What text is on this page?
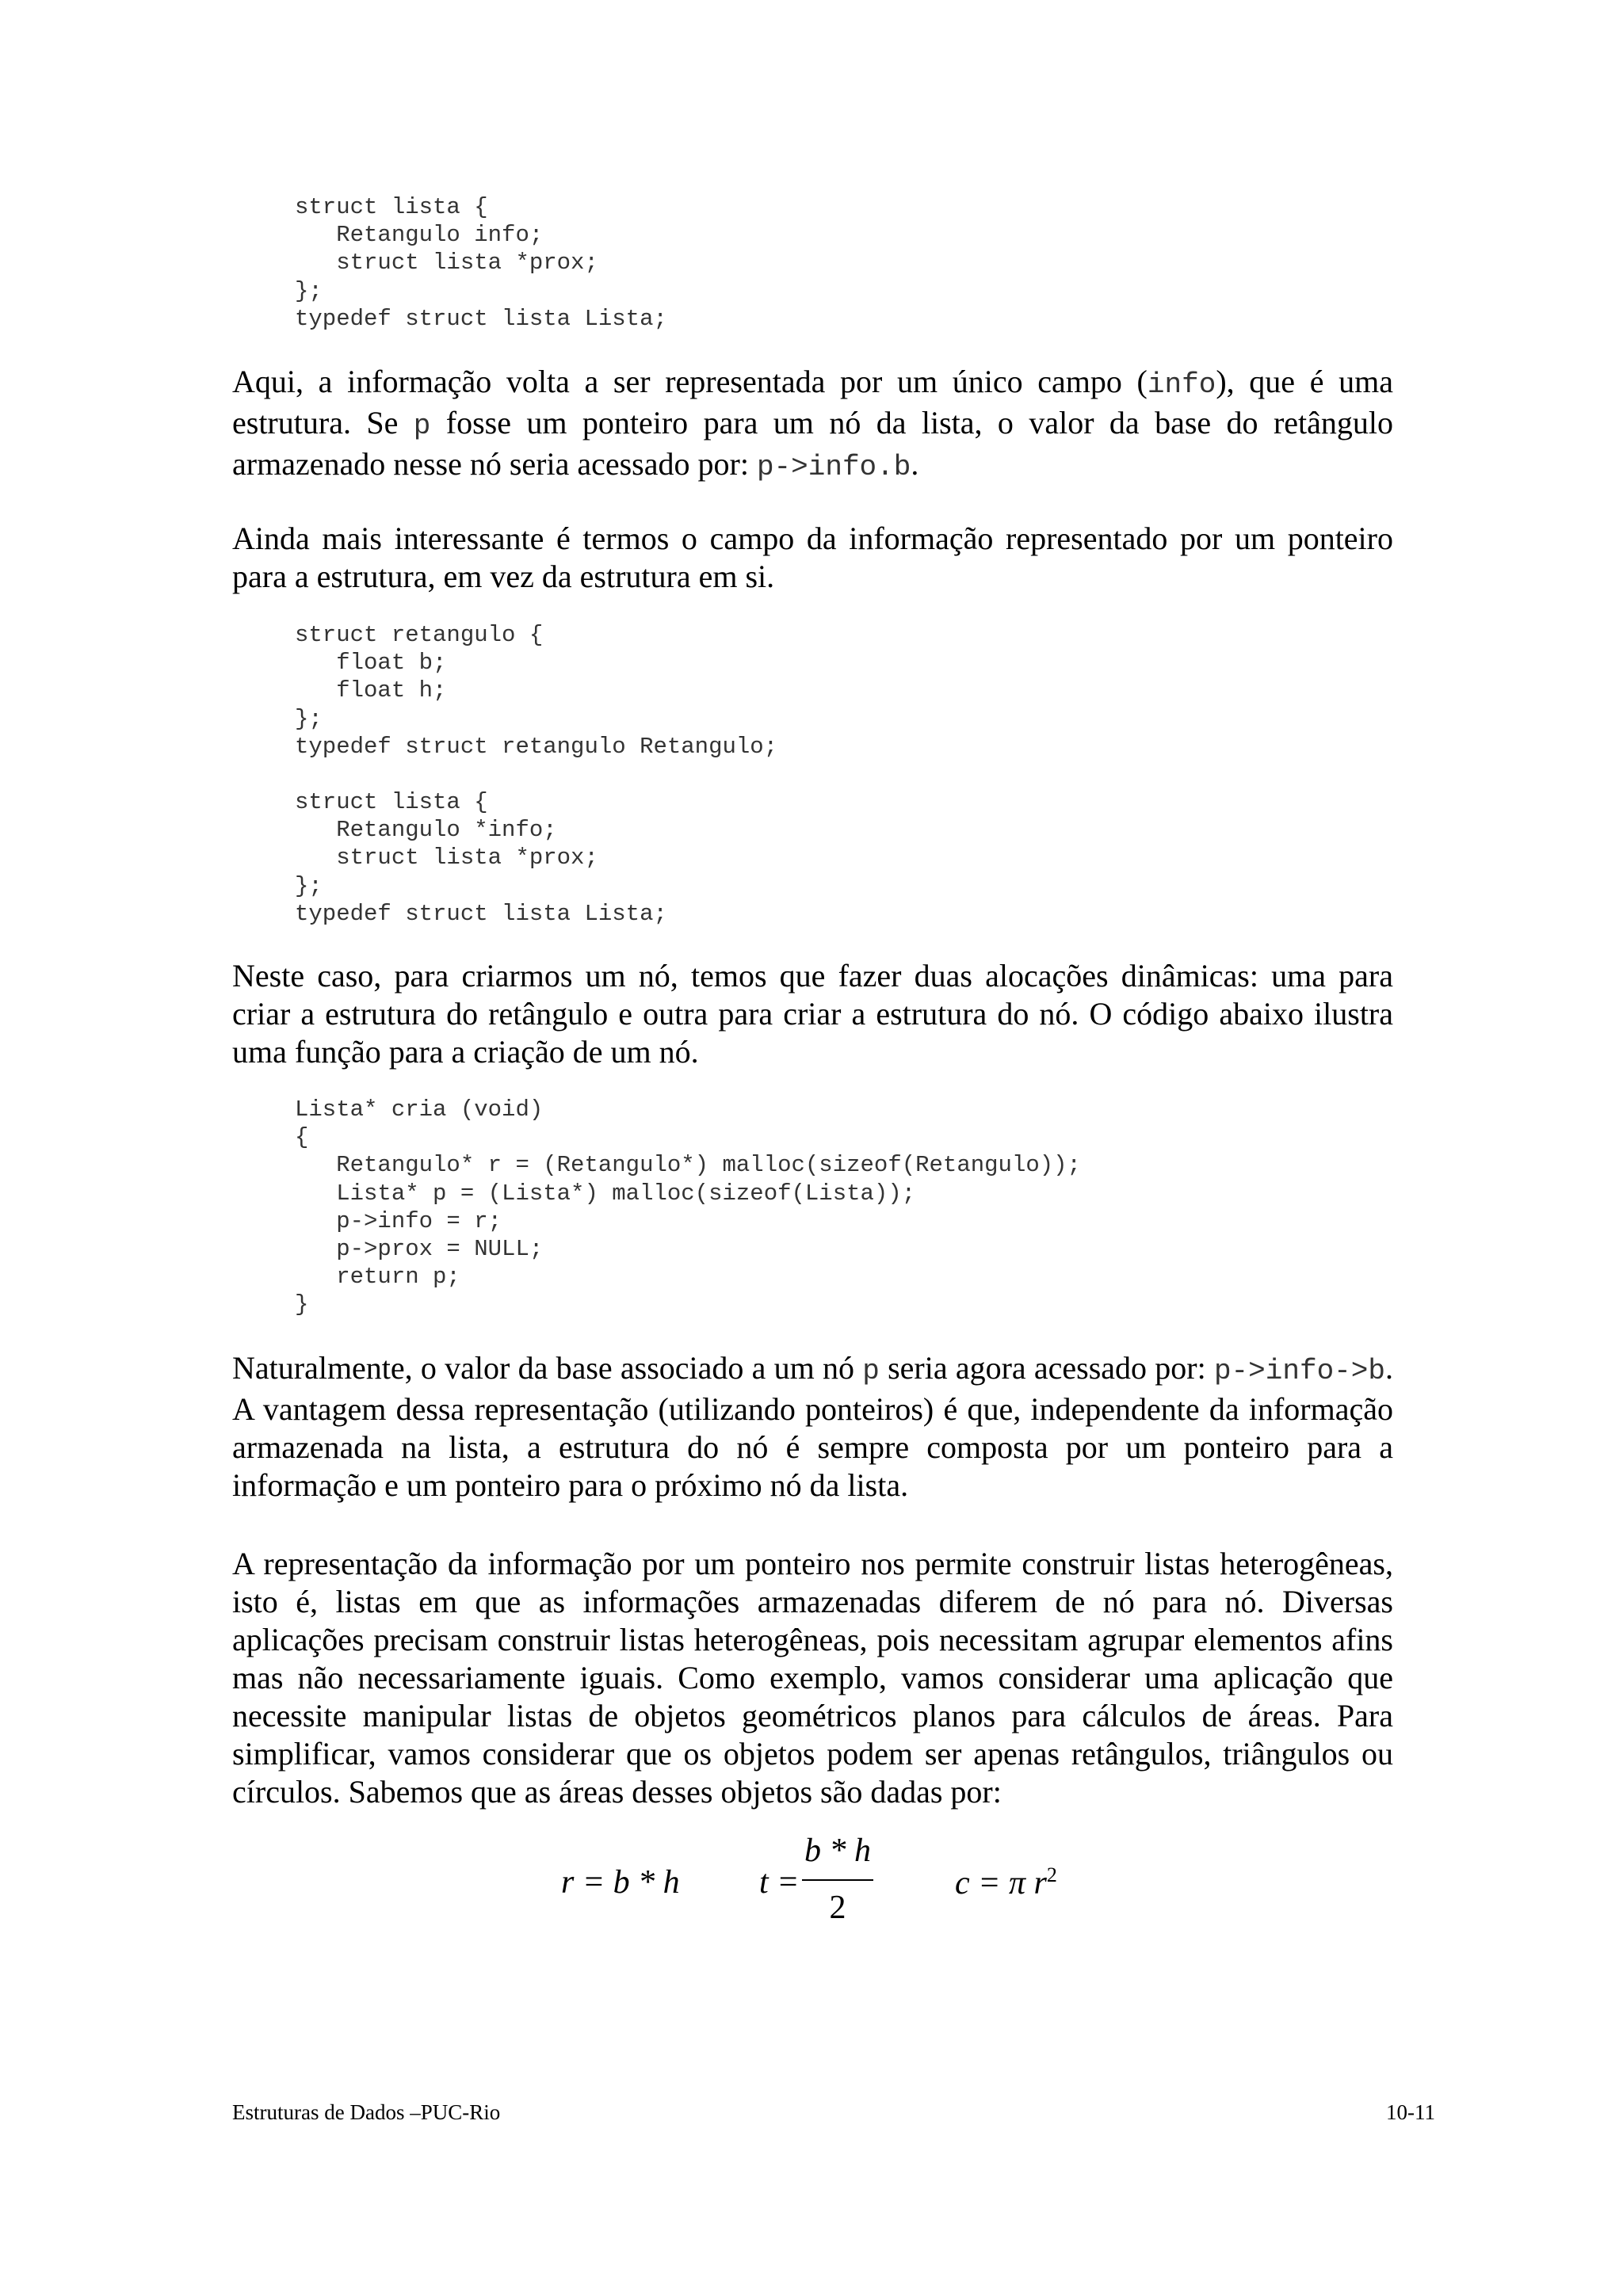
struct lista {
Retangulo info;
struct lista *prox;
};
typedef struct lista Lista;

Aqui, a informação volta a ser representada por um único campo (info), que é uma estrutura. Se p fosse um ponteiro para um nó da lista, o valor da base do retângulo armazenado nesse nó seria acessado por: p->info.b.

Ainda mais interessante é termos o campo da informação representado por um ponteiro para a estrutura, em vez da estrutura em si.

struct retangulo {
float b;
float h;
};
typedef struct retangulo Retangulo;
struct lista {
Retangulo *info;
struct lista *prox;
};
typedef struct lista Lista;

Neste caso, para criarmos um nó, temos que fazer duas alocações dinâmicas: uma para criar a estrutura do retângulo e outra para criar a estrutura do nó. O código abaixo ilustra uma função para a criação de um nó.

Lista* cria (void)
{
Retangulo* r = (Retangulo*) malloc(sizeof(Retangulo));
Lista* p = (Lista*) malloc(sizeof(Lista));
p->info = r;
p->prox = NULL;
return p;
}

Naturalmente, o valor da base associado a um nó p seria agora acessado por: p->info->b. A vantagem dessa representação (utilizando ponteiros) é que, independente da informação armazenada na lista, a estrutura do nó é sempre composta por um ponteiro para a informação e um ponteiro para o próximo nó da lista.

A representação da informação por um ponteiro nos permite construir listas heterogêneas, isto é, listas em que as informações armazenadas diferem de nó para nó. Diversas aplicações precisam construir listas heterogêneas, pois necessitam agrupar elementos afins mas não necessariamente iguais. Como exemplo, vamos considerar uma aplicação que necessite manipular listas de objetos geométricos planos para cálculos de áreas. Para simplificar, vamos considerar que os objetos podem ser apenas retângulos, triângulos ou círculos. Sabemos que as áreas desses objetos são dadas por:

r = b * h t =
b * h
2
c = π $r^2$
Estruturas de Dados –PUC-Rio	10-11
